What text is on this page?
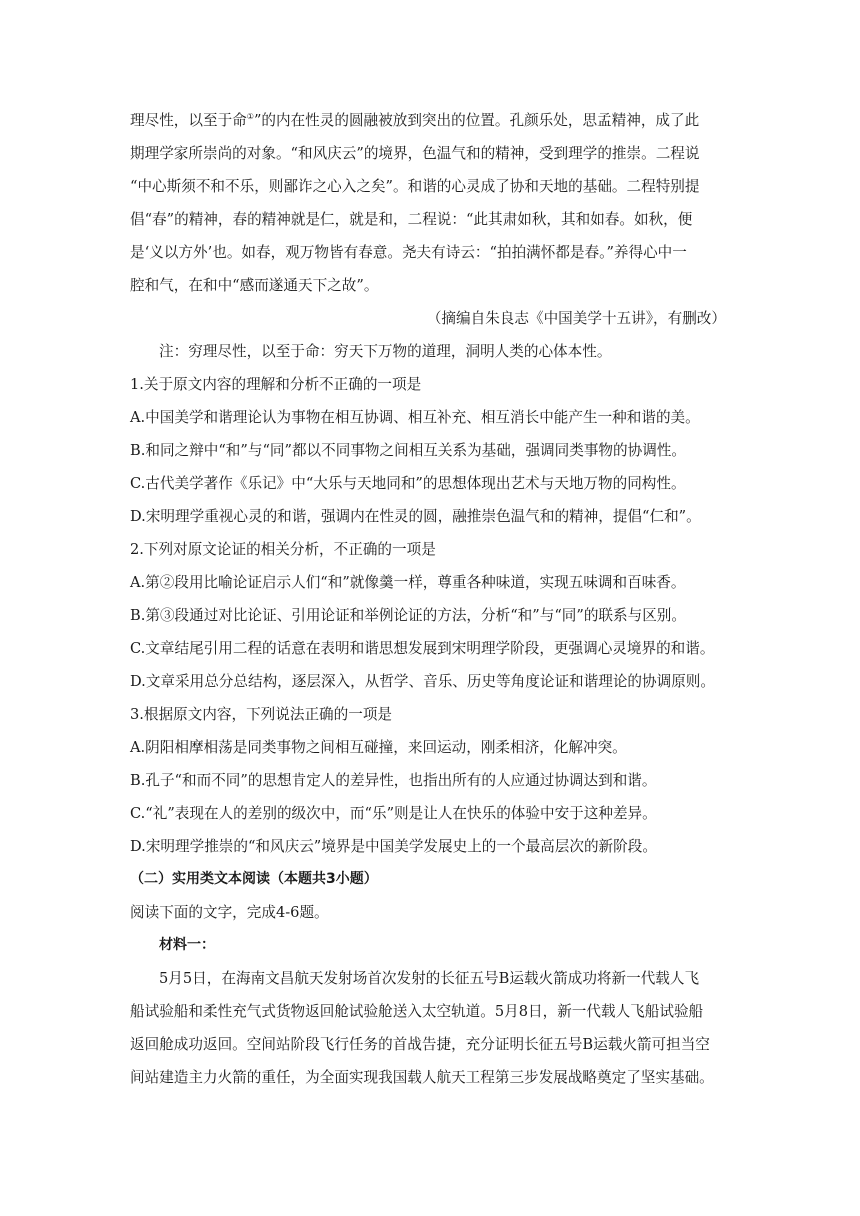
理尽性，以至于命①”的内在性灵的圆融被放到突出的位置。孔颜乐处，思孟精神，成了此
期理学家所崇尚的对象。“和风庆云”的境界，色温气和的精神，受到理学的推崇。二程说
“中心斯须不和不乐，则鄙诈之心入之矣”。和谐的心灵成了协和天地的基础。二程特别提
倡“春”的精神，春的精神就是仁，就是和，二程说：“此其肃如秋，其和如春。如秋，便
是‘义以方外’也。如春，观万物皆有春意。尧夫有诗云：“拍拍满怀都是春。”养得心中一
腔和气，在和中“感而遂通天下之故”。
（摘编自朱良志《中国美学十五讲》，有删改）
注：穷理尽性，以至于命：穷天下万物的道理，洞明人类的心体本性。
1.关于原文内容的理解和分析不正确的一项是
A.中国美学和谐理论认为事物在相互协调、相互补充、相互消长中能产生一种和谐的美。
B.和同之辩中“和”与“同”都以不同事物之间相互关系为基础，强调同类事物的协调性。
C.古代美学著作《乐记》中“大乐与天地同和”的思想体现出艺术与天地万物的同构性。
D.宋明理学重视心灵的和谐，强调内在性灵的圆，融推崇色温气和的精神，提倡“仁和”。
2.下列对原文论证的相关分析，不正确的一项是
A.第②段用比喻论证启示人们“和”就像羹一样，尊重各种味道，实现五味调和百味香。
B.第③段通过对比论证、引用论证和举例论证的方法，分析“和”与“同”的联系与区别。
C.文章结尾引用二程的话意在表明和谐思想发展到宋明理学阶段，更强调心灵境界的和谐。
D.文章采用总分总结构，逐层深入，从哲学、音乐、历史等角度论证和谐理论的协调原则。
3.根据原文内容，下列说法正确的一项是
A.阴阳相摩相荡是同类事物之间相互碰撞，来回运动，刚柔相济，化解冲突。
B.孔子“和而不同”的思想肯定人的差异性，也指出所有的人应通过协调达到和谐。
C.“礼”表现在人的差别的级次中，而“乐”则是让人在快乐的体验中安于这种差异。
D.宋明理学推崇的“和风庆云”境界是中国美学发展史上的一个最高层次的新阶段。
（二）实用类文本阅读（本题共3小题）
阅读下面的文字，完成4-6题。
材料一：
5月5日，在海南文昌航天发射场首次发射的长征五号B运载火箭成功将新一代载人飞
船试验船和柔性充气式货物返回舱试验舱送入太空轨道。5月8日，新一代载人飞船试验船
返回舱成功返回。空间站阶段飞行任务的首战告捷，充分证明长征五号B运载火箭可担当空
间站建造主力火箭的重任，为全面实现我国载人航天工程第三步发展战略奠定了坚实基础。
